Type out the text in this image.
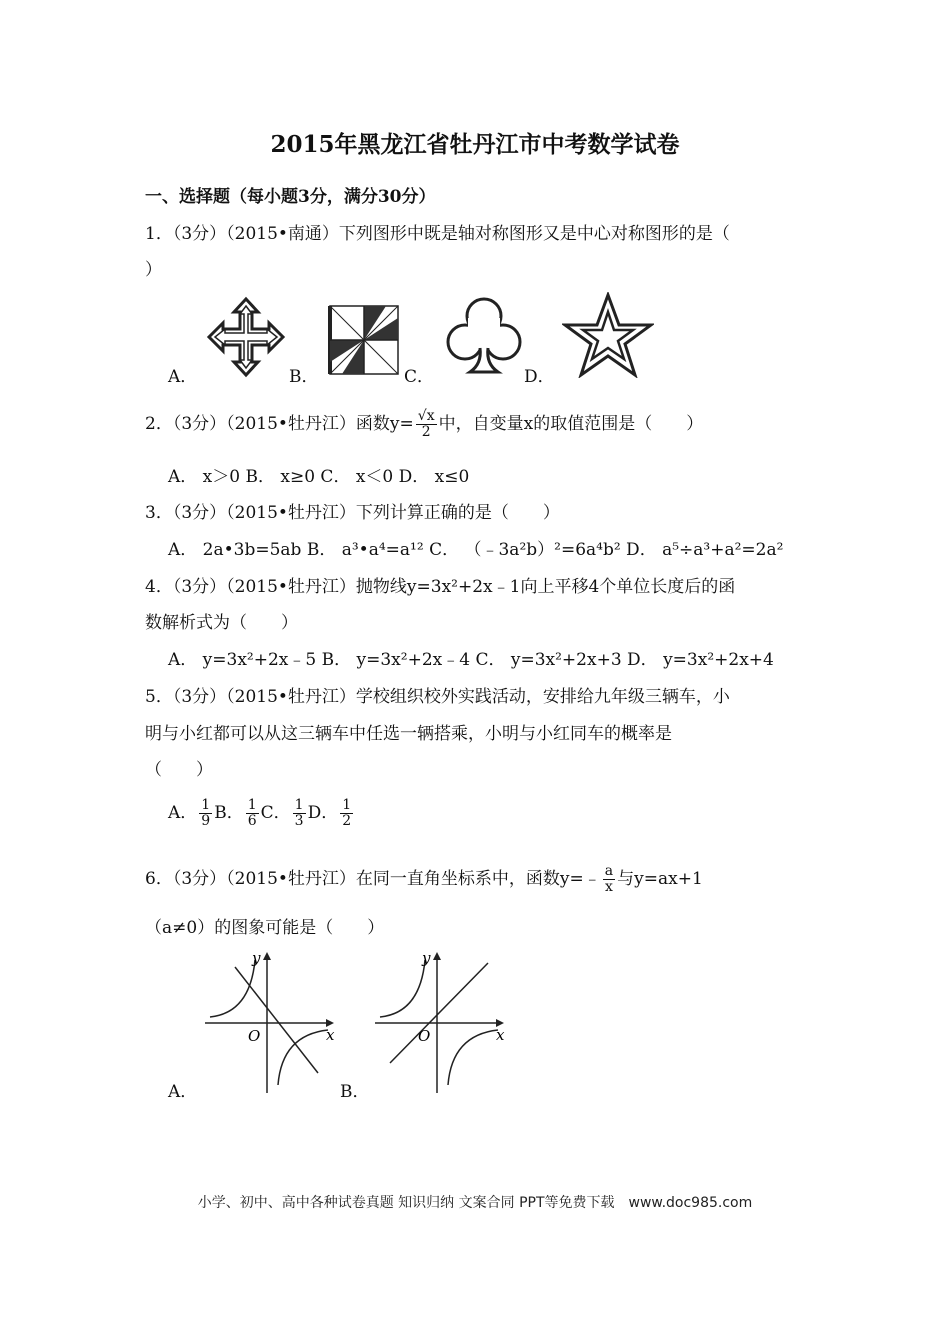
2015年黑龙江省牡丹江市中考数学试卷
一、选择题（每小题3分，满分30分）
1．（3分）（2015•南通）下列图形中既是轴对称图形又是中心对称图形的是（
）
A．	B．	C．	D．
2．（3分）（2015•牡丹江）函数$y= \frac{√x}{2}$ 中，自变量x的取值范围是（　　）
A． x＞0 B． x≥0 C． x＜0 D． x≤0
3．（3分）（2015•牡丹江）下列计算正确的是（　　）
A． 2a•3b=5ab B． a³•a⁴=a¹² C． （﹣3a²b）²=6a⁴b² D． a⁵÷a³+a²=2a²
4．（3分）（2015•牡丹江）抛物线y=3x²+2x﹣1向上平移4个单位长度后的函
数解析式为（　　）
A． y=3x²+2x﹣5 B． y=3x²+2x﹣4 C． y=3x²+2x+3 D． y=3x²+2x+4
5．（3分）（2015•牡丹江）学校组织校外实践活动，安排给九年级三辆车，小
明与小红都可以从这三辆车中任选一辆搭乘，小明与小红同车的概率是
（　　）
A． $\frac{1}{9}$ B． $\frac{1}{6}$ C． $\frac{1}{3}$ D． $\frac{1}{2}$
6．（3分）（2015•牡丹江）在同一直角坐标系中，函数y=﹣ $\frac{a}{x}$ 与y=ax+1
（a≠0）的图象可能是（　　）
y
x
O
A．
y
x
O
B．
小学、初中、高中各种试卷真题 知识归纳 文案合同 PPT等免费下载　www.doc985.com
